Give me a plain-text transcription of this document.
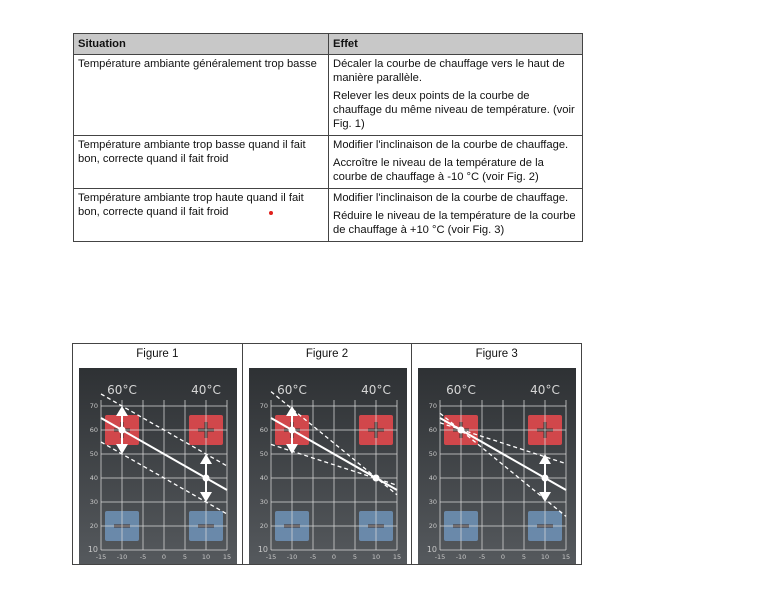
Situation	Effet
Température ambiante généralement trop basse	Décaler la courbe de chauffage vers le haut de manière parallèle.

Relever les deux points de la courbe de chauffage du même niveau de température. (voir Fig. 1)

Température ambiante trop basse quand il fait bon, correcte quand il fait froid	Modifier l'inclinaison de la courbe de chauffage.

Accroître le niveau de la température de la courbe de chauffage à -10 °C (voir Fig. 2)

Température ambiante trop haute quand il fait bon, correcte quand il fait froid	Modifier l'inclinaison de la courbe de chauffage.

Réduire le niveau de la température de la courbe de chauffage à +10 °C (voir Fig. 3)

Figure 1
60°C	40°C
-15 -10 -5 0	5 10 15
10
20
30
40
50
60
70
Figure 2
60°C	40°C
-15 -10 -5 0	5 10 15
10
20
30
40
50
60
70
Figure 3
60°C	40°C
-15 -10 -5 0	5 10 15
10
20
30
40
50
60
70
